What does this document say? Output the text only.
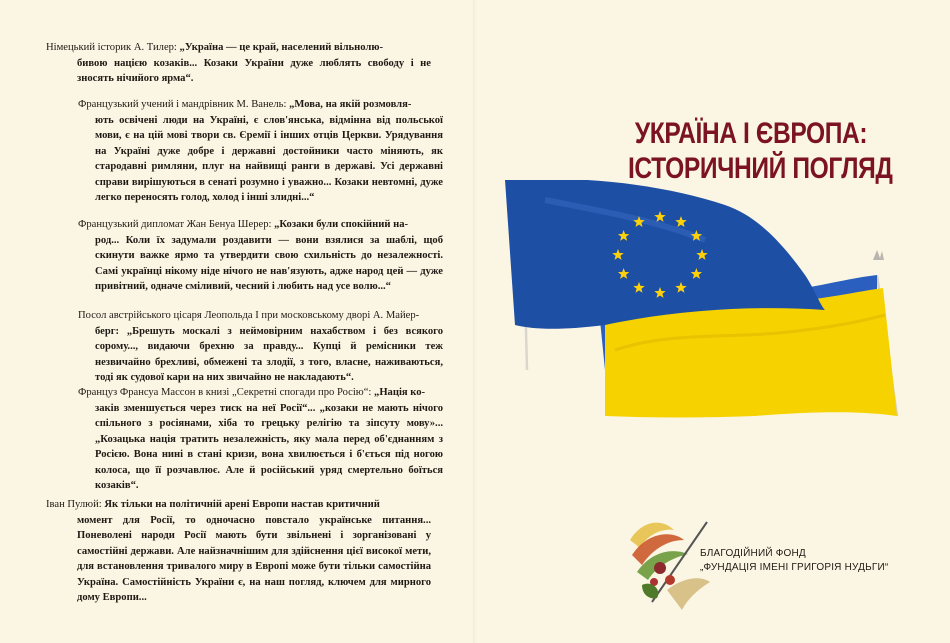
Німецький історик А. Тилер: „Україна — це край, населений вільнолю-
бивою нацією козаків... Козаки України дуже люблять свободу і не зносять нічийого ярма“.

Французький учений і мандрівник М. Ванель: „Мова, на якій розмовля-
ють освічені люди на Україні, є слов'янська, відмінна від польської мови, є на цій мові твори св. Єремії і інших отців Церкви. Урядування на Україні дуже добре і державні достойники часто міняють, як стародавні римляни, плуг на найвищі ранги в державі. Усі державні справи вирішуються в сенаті розумно і уважно... Козаки невтомні, дуже легко переносять голод, холод і інші злидні...“

Французький дипломат Жан Бенуа Шерер: „Козаки були спокійний на-
род... Коли їх задумали роздавити — вони взялися за шаблі, щоб скинути важке ярмо та утвердити свою схильність до незалежності. Самі українці нікому ніде нічого не нав'язують, адже народ цей — дуже привітний, одначе сміливий, чесний і любить над усе волю...“

Посол австрійського цісаря Леопольда І при московському дворі А. Майер-
берг: „Брешуть москалі з неймовірним нахабством і без всякого сорому..., видаючи брехню за правду... Купці й ремісники теж незвичайно брехливі, обмежені та злодії, з того, власне, наживаються, тоді як судової кари на них звичайно не накладають“.

Француз Франсуа Массон в книзі „Секретні спогади про Росію“: „Нація ко-
заків зменшується через тиск на неї Росії“... „козаки не мають нічого спільного з росіянами, хіба то грецьку релігію та зіпсуту мову»... „Козацька нація тратить незалежність, яку мала перед об'єднанням з Росією. Вона нині в стані кризи, вона хвилюється і б'ється під ногою колоса, що її розчавлює. Але й російський уряд смертельно боїться козаків“.

Іван Пулюй: Як тільки на політичній арені Европи настав критичний
момент для Росії, то одночасно повстало українське питання... Поневолені народи Росії мають бути звільнені і зорганізовані у самостійні держави. Але найзначнішим для здійснення цієї високої мети, для встановлення тривалого миру в Европі може бути тільки самостійна Україна. Самостійність України є, на наш погляд, ключем для мирного дому Европи...

УКРАЇНА І ЄВРОПА:
ІСТОРИЧНИЙ ПОГЛЯД
БЛАГОДІЙНИЙ ФОНД
„ФУНДАЦІЯ ІМЕНІ ГРИГОРІЯ НУДЬГИ“
